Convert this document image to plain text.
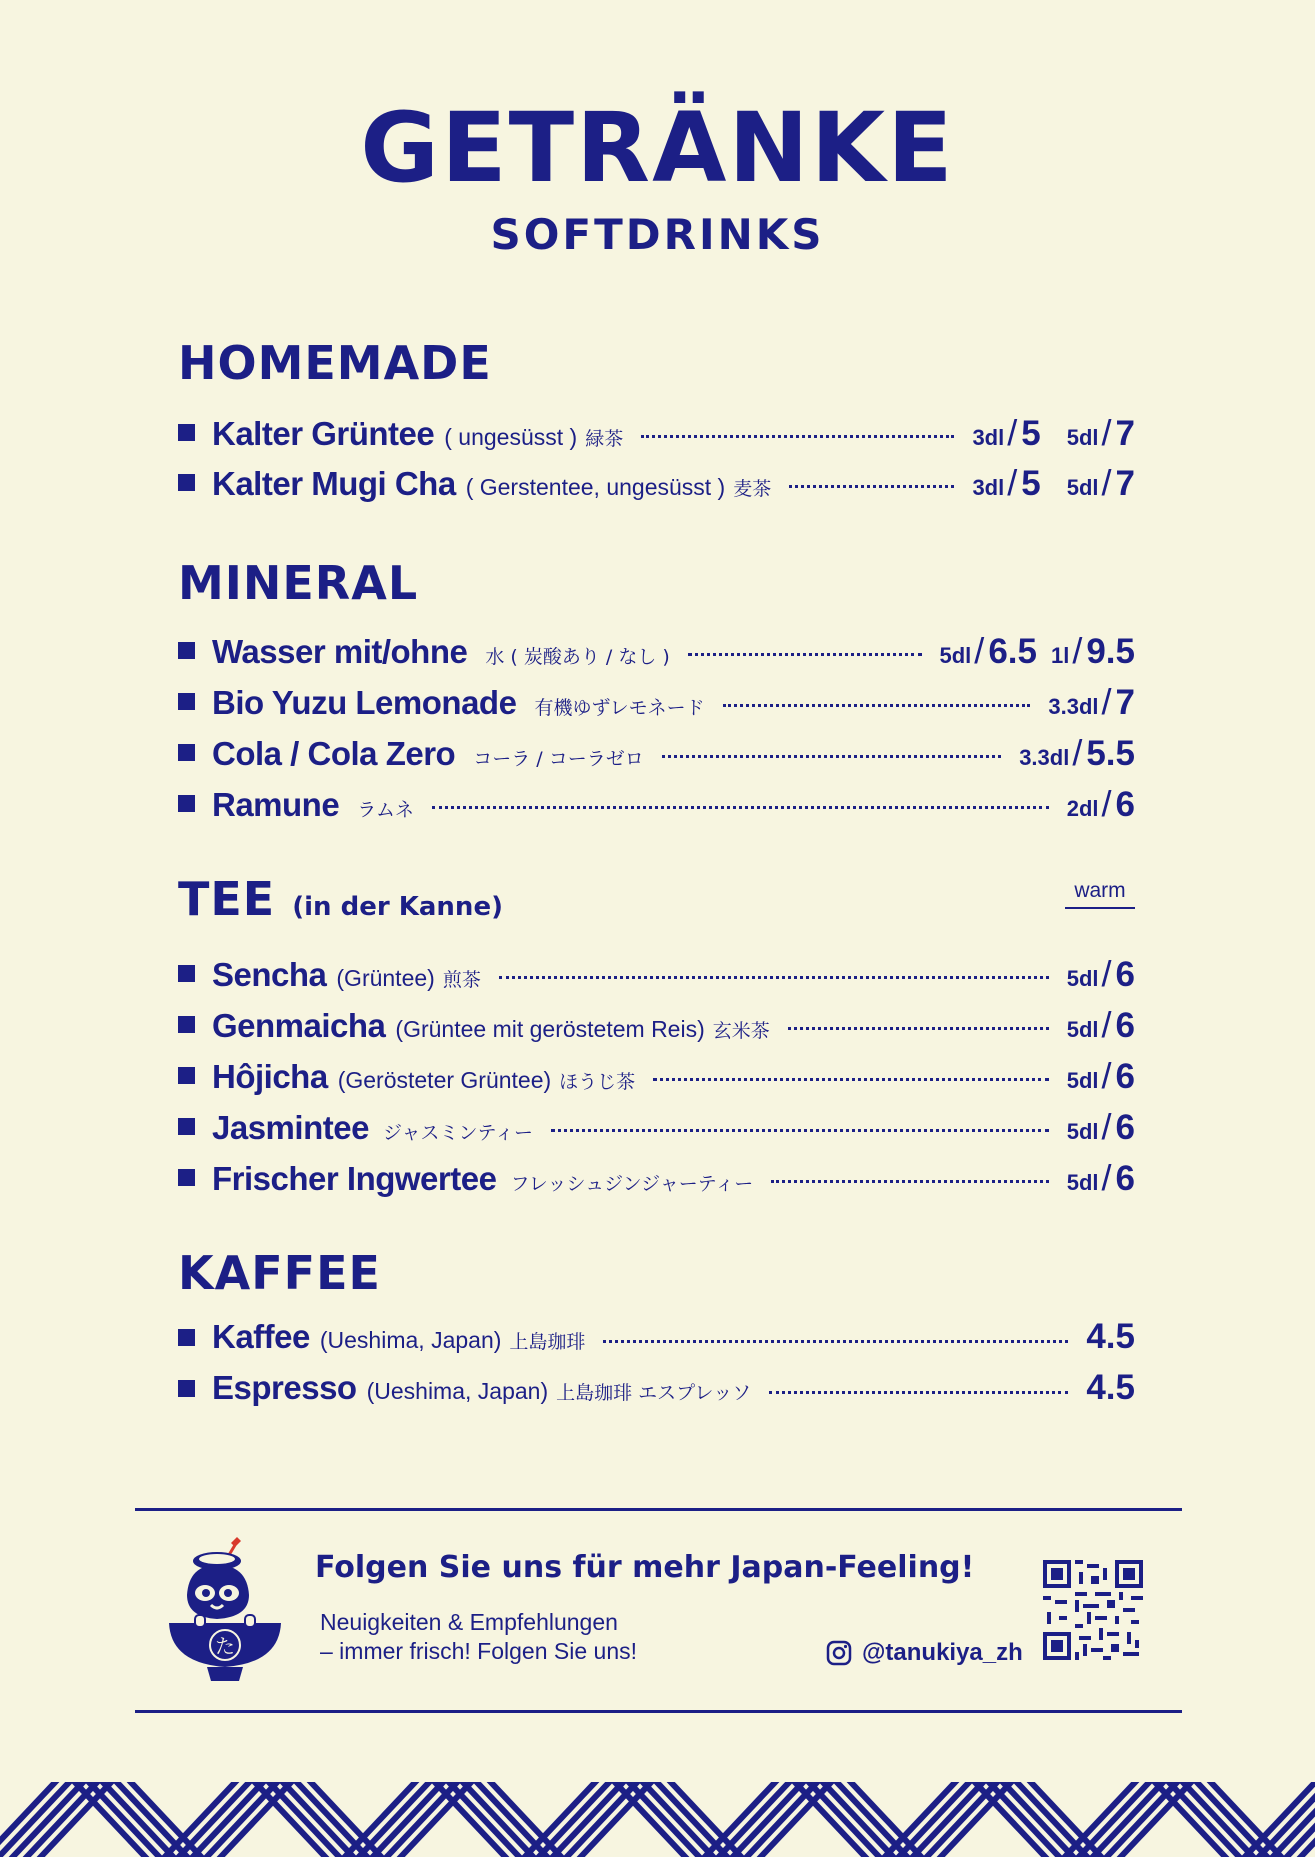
GETRÄNKE
SOFTDRINKS
HOMEMADE
Kalter Grüntee ( ungesüsst ) 緑茶	3dl / 5 5dl / 7
Kalter Mugi Cha ( Gerstentee, ungesüsst ) 麦茶	3dl / 5 5dl / 7
MINERAL
Wasser mit/ohne 水 ( 炭酸あり / なし )	5dl / 6.5 1l / 9.5
Bio Yuzu Lemonade 有機ゆずレモネード	3.3dl / 7
Cola / Cola Zero コーラ / コーラゼロ	3.3dl / 5.5
Ramune ラムネ	2dl / 6
TEE (in der Kanne)
warm
Sencha (Grüntee) 煎茶	5dl / 6
Genmaicha (Grüntee mit geröstetem Reis) 玄米茶	5dl / 6
Hôjicha (Gerösteter Grüntee) ほうじ茶	5dl / 6
Jasmintee ジャスミンティー	5dl / 6
Frischer Ingwertee フレッシュジンジャーティー	5dl / 6
KAFFEE
Kaffee (Ueshima, Japan) 上島珈琲	4.5
Espresso (Ueshima, Japan) 上島珈琲 エスプレッソ	4.5
た
Folgen Sie uns für mehr Japan-Feeling!
Neuigkeiten & Empfehlungen
– immer frisch! Folgen Sie uns!	@tanukiya_zh
